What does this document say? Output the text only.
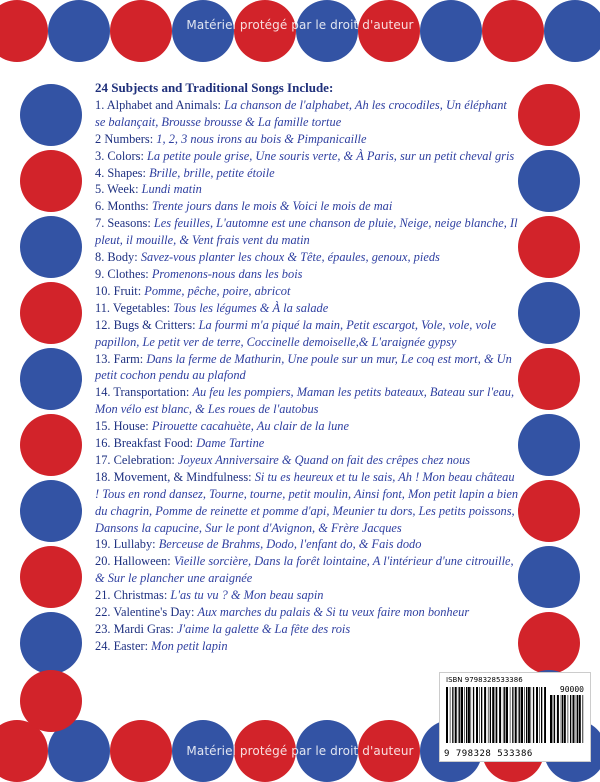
Matériel protégé par le droit d'auteur
Matériel protégé par le droit d'auteur
24 Subjects and Traditional Songs Include:
1. Alphabet and Animals: La chanson de l'alphabet, Ah les crocodiles, Un éléphant se balançait, Brousse brousse & La famille tortue
2 Numbers: 1, 2, 3 nous irons au bois & Pimpanicaille
3. Colors: La petite poule grise, Une souris verte, & À Paris, sur un petit cheval gris
4. Shapes: Brille, brille, petite étoile
5. Week: Lundi matin
6. Months: Trente jours dans le mois & Voici le mois de mai
7. Seasons: Les feuilles, L'automne est une chanson de pluie, Neige, neige blanche, Il pleut, il mouille, & Vent frais vent du matin
8. Body: Savez-vous planter les choux & Tête, épaules, genoux, pieds
9. Clothes: Promenons-nous dans les bois
10. Fruit: Pomme, pêche, poire, abricot
11. Vegetables: Tous les légumes & À la salade
12. Bugs & Critters: La fourmi m'a piqué la main, Petit escargot, Vole, vole, vole papillon, Le petit ver de terre, Coccinelle demoiselle,& L'araignée gypsy
13. Farm: Dans la ferme de Mathurin, Une poule sur un mur, Le coq est mort, & Un petit cochon pendu au plafond
14. Transportation: Au feu les pompiers, Maman les petits bateaux, Bateau sur l'eau, Mon vélo est blanc, & Les roues de l'autobus
15. House: Pirouette cacahuète, Au clair de la lune
16. Breakfast Food: Dame Tartine
17. Celebration: Joyeux Anniversaire & Quand on fait des crêpes chez nous
18. Movement, & Mindfulness: Si tu es heureux et tu le sais, Ah ! Mon beau château ! Tous en rond dansez, Tourne, tourne, petit moulin, Ainsi font, Mon petit lapin a bien du chagrin, Pomme de reinette et pomme d'api, Meunier tu dors, Les petits poissons, Dansons la capucine, Sur le pont d'Avignon, & Frère Jacques
19. Lullaby: Berceuse de Brahms, Dodo, l'enfant do, & Fais dodo
20. Halloween: Vieille sorcière, Dans la forêt lointaine, A l'intérieur d'une citrouille, & Sur le plancher une araignée
21. Christmas: L'as tu vu ? & Mon beau sapin
22. Valentine's Day: Aux marches du palais & Si tu veux faire mon bonheur
23. Mardi Gras: J'aime la galette & La fête des rois
24. Easter: Mon petit lapin
ISBN 9798328533386
90000
9 798328 533386
